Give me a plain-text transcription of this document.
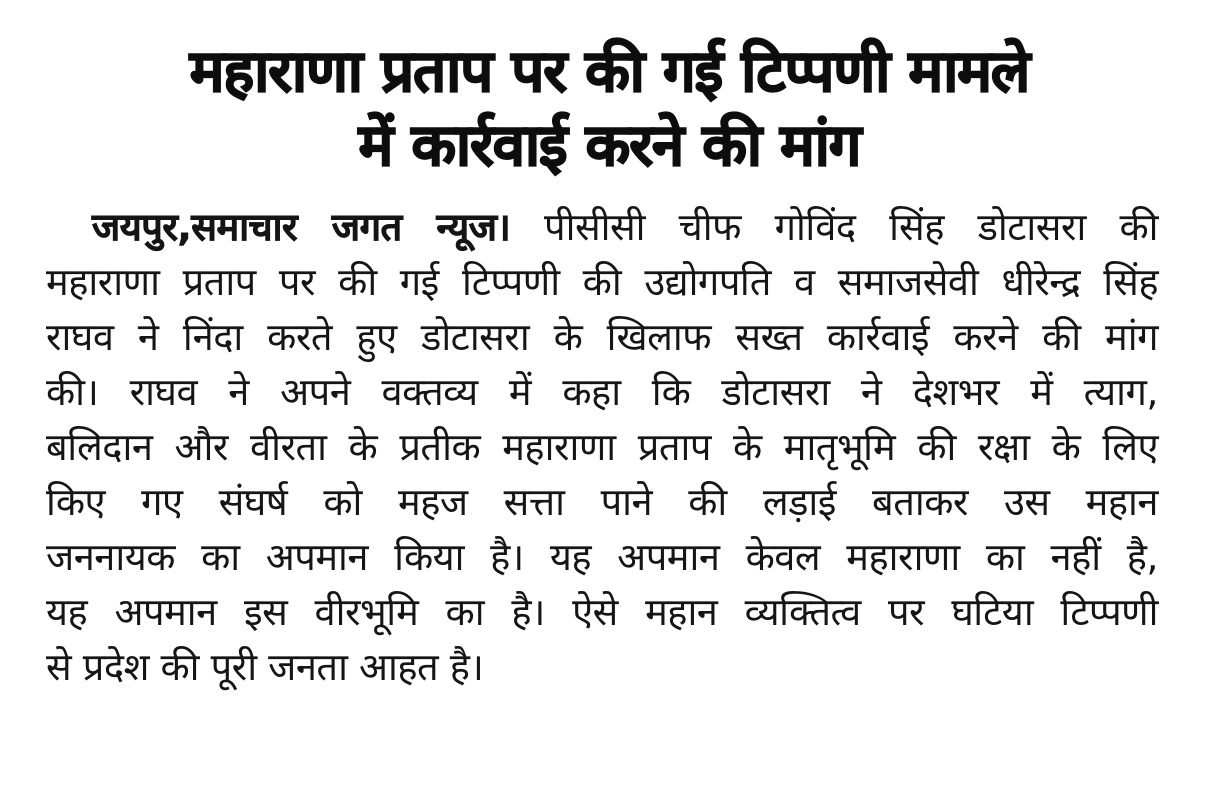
महाराणा प्रताप पर की गई टिप्पणी मामले
में कार्रवाई करने की मांग
जयपुर,समाचार जगत न्यूज। पीसीसी चीफ गोविंद सिंह डोटासरा की
महाराणा प्रताप पर की गई टिप्पणी की उद्योगपति व समाजसेवी धीरेन्द्र सिंह
राघव ने निंदा करते हुए डोटासरा के खिलाफ सख्त कार्रवाई करने की मांग
की। राघव ने अपने वक्तव्य में कहा कि डोटासरा ने देशभर में त्याग,
बलिदान और वीरता के प्रतीक महाराणा प्रताप के मातृभूमि की रक्षा के लिए
किए गए संघर्ष को महज सत्ता पाने की लड़ाई बताकर उस महान
जननायक का अपमान किया है। यह अपमान केवल महाराणा का नहीं है,
यह अपमान इस वीरभूमि का है। ऐसे महान व्यक्तित्व पर घटिया टिप्पणी
से प्रदेश की पूरी जनता आहत है।
